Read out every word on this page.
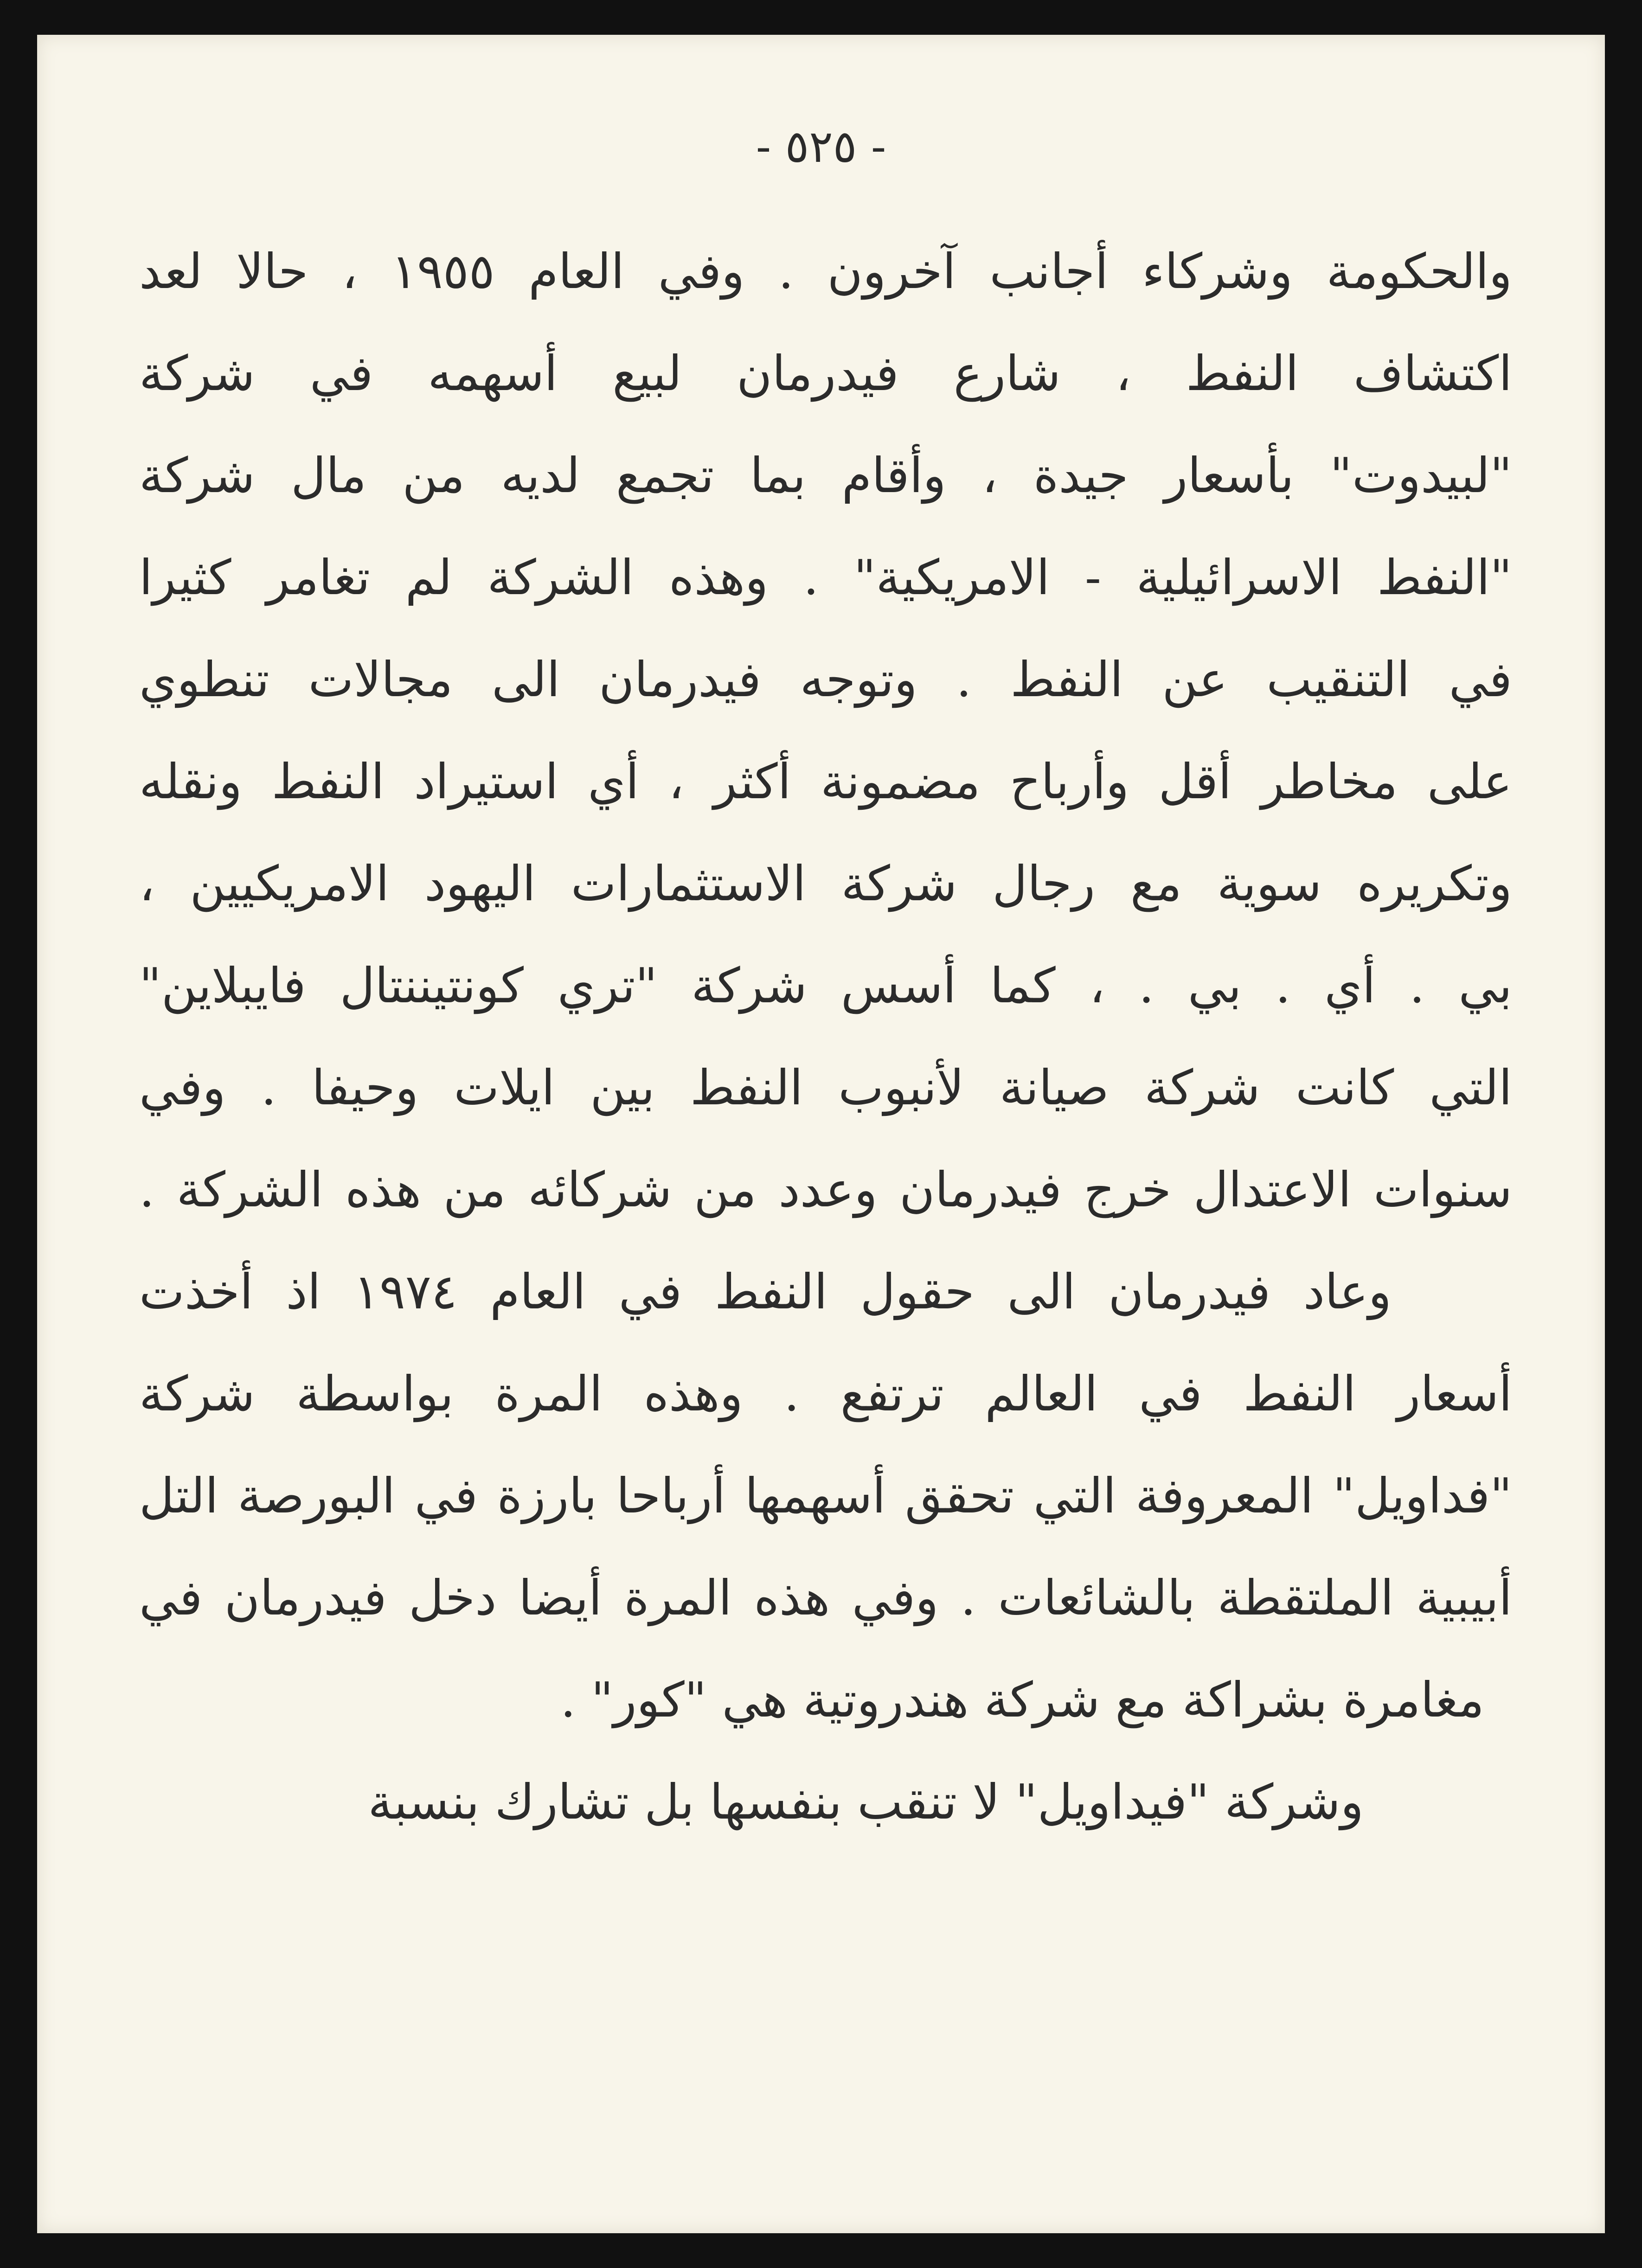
- ٥٢٥ -
والحكومة وشركاء أجانب آخرون . وفي العام ١٩٥٥ ، حالا لعد
اكتشاف النفط ، شارع فيدرمان لبيع أسهمه في شركة
"لبيدوت" بأسعار جيدة ، وأقام بما تجمع لديه من مال شركة
"النفط الاسرائيلية - الامريكية" . وهذه الشركة لم تغامر كثيرا
في التنقيب عن النفط . وتوجه فيدرمان الى مجالات تنطوي
على مخاطر أقل وأرباح مضمونة أكثر ، أي استيراد النفط ونقله
وتكريره سوية مع رجال شركة الاستثمارات اليهود الامريكيين ،
بي . أي . بي . ، كما أسس شركة "تري كونتيننتال فايبلاين"
التي كانت شركة صيانة لأنبوب النفط بين ايلات وحيفا . وفي
سنوات الاعتدال خرج فيدرمان وعدد من شركائه من هذه الشركة .
وعاد فيدرمان الى حقول النفط في العام ١٩٧٤ اذ أخذت
أسعار النفط في العالم ترتفع . وهذه المرة بواسطة شركة
"فداويل" المعروفة التي تحقق أسهمها أرباحا بارزة في البورصة التل
أبيبية الملتقطة بالشائعات . وفي هذه المرة أيضا دخل فيدرمان في
مغامرة بشراكة مع شركة هندروتية هي "كور" .
وشركة "فيداويل" لا تنقب بنفسها بل تشارك بنسبة
